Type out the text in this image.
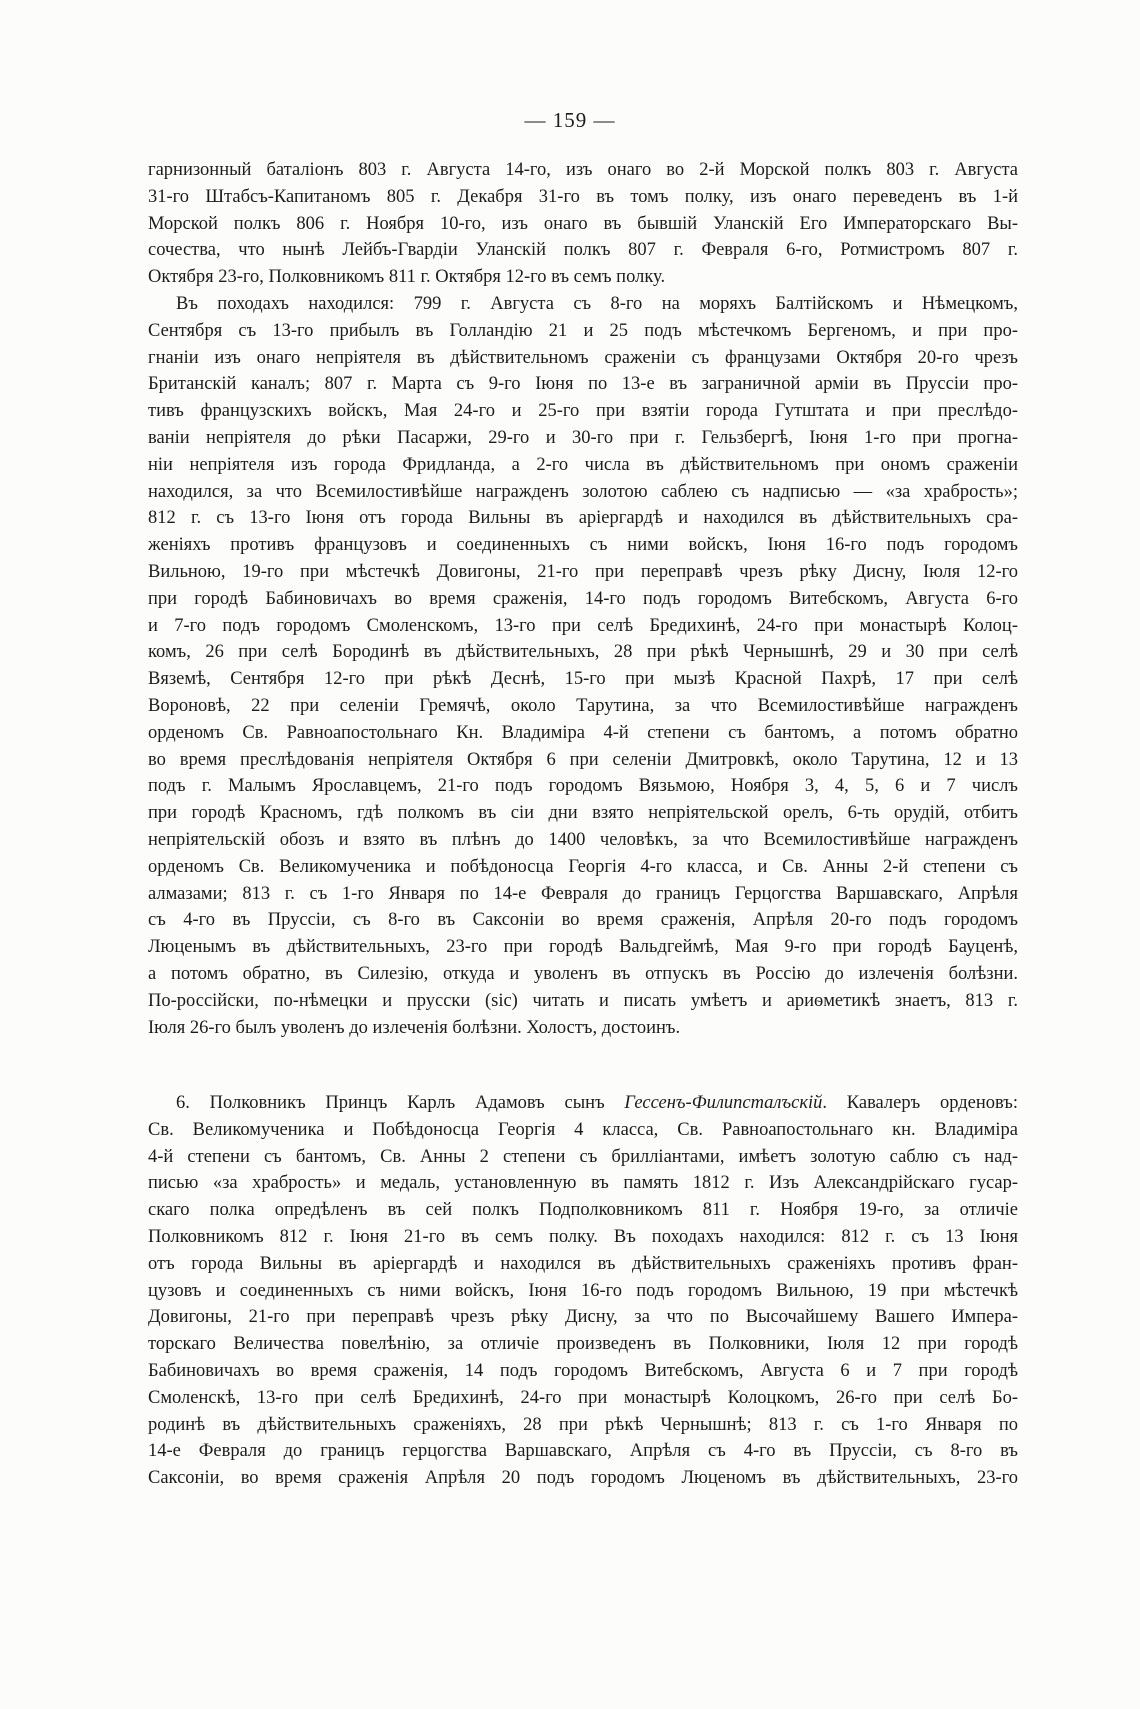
— 159 —
гарнизонный баталіонъ 803 г. Августа 14-го, изъ онаго во 2-й Морской полкъ 803 г. Августа
31-го Штабсъ-Капитаномъ 805 г. Декабря 31-го въ томъ полку, изъ онаго переведенъ въ 1-й
Морской полкъ 806 г. Ноября 10-го, изъ онаго въ бывшій Уланскій Его Императорскаго Вы-
сочества, что нынѣ Лейбъ-Гвардіи Уланскій полкъ 807 г. Февраля 6-го, Ротмистромъ 807 г.
Октября 23-го, Полковникомъ 811 г. Октября 12-го въ семъ полку.
Въ походахъ находился: 799 г. Августа съ 8-го на моряхъ Балтійскомъ и Нѣмецкомъ,
Сентября съ 13-го прибылъ въ Голландію 21 и 25 подъ мѣстечкомъ Бергеномъ, и при про-
гнаніи изъ онаго непріятеля въ дѣйствительномъ сраженіи съ французами Октября 20-го чрезъ
Британскій каналъ; 807 г. Марта съ 9-го Іюня по 13-е въ заграничной арміи въ Пруссіи про-
тивъ французскихъ войскъ, Мая 24-го и 25-го при взятіи города Гутштата и при преслѣдо-
ваніи непріятеля до рѣки Пасаржи, 29-го и 30-го при г. Гельзбергѣ, Іюня 1-го при прогна-
ніи непріятеля изъ города Фридланда, а 2-го числа въ дѣйствительномъ при ономъ сраженіи
находился, за что Всемилостивѣйше награжденъ золотою саблею съ надписью — «за храбрость»;
812 г. съ 13-го Іюня отъ города Вильны въ аріергардѣ и находился въ дѣйствительныхъ сра-
женіяхъ противъ французовъ и соединенныхъ съ ними войскъ, Іюня 16-го подъ городомъ
Вильною, 19-го при мѣстечкѣ Довигоны, 21-го при переправѣ чрезъ рѣку Дисну, Іюля 12-го
при городѣ Бабиновичахъ во время сраженія, 14-го подъ городомъ Витебскомъ, Августа 6-го
и 7-го подъ городомъ Смоленскомъ, 13-го при селѣ Бредихинѣ, 24-го при монастырѣ Колоц-
комъ, 26 при селѣ Бородинѣ въ дѣйствительныхъ, 28 при рѣкѣ Чернышнѣ, 29 и 30 при селѣ
Вяземѣ, Сентября 12-го при рѣкѣ Деснѣ, 15-го при мызѣ Красной Пахрѣ, 17 при селѣ
Вороновѣ, 22 при селеніи Гремячѣ, около Тарутина, за что Всемилостивѣйше награжденъ
орденомъ Св. Равноапостольнаго Кн. Владиміра 4-й степени съ бантомъ, а потомъ обратно
во время преслѣдованія непріятеля Октября 6 при селеніи Дмитровкѣ, около Тарутина, 12 и 13
подъ г. Малымъ Ярославцемъ, 21-го подъ городомъ Вязьмою, Ноября 3, 4, 5, 6 и 7 числъ
при городѣ Красномъ, гдѣ полкомъ въ сіи дни взято непріятельской орелъ, 6-ть орудій, отбитъ
непріятельскій обозъ и взято въ плѣнъ до 1400 человѣкъ, за что Всемилостивѣйше награжденъ
орденомъ Св. Великомученика и побѣдоносца Георгія 4-го класса, и Св. Анны 2-й степени съ
алмазами; 813 г. съ 1-го Января по 14-е Февраля до границъ Герцогства Варшавскаго, Апрѣля
съ 4-го въ Пруссіи, съ 8-го въ Саксоніи во время сраженія, Апрѣля 20-го подъ городомъ
Люценымъ въ дѣйствительныхъ, 23-го при городѣ Вальдгеймѣ, Мая 9-го при городѣ Бауценѣ,
а потомъ обратно, въ Силезію, откуда и уволенъ въ отпускъ въ Россію до излеченія болѣзни.
По-россійски, по-нѣмецки и прусски (sic) читать и писать умѣетъ и ариѳметикѣ знаетъ, 813 г.
Іюля 26-го былъ уволенъ до излеченія болѣзни. Холостъ, достоинъ.
6. Полковникъ Принцъ Карлъ Адамовъ сынъ Гессенъ-Филипсталъскій. Кавалеръ орденовъ:
Св. Великомученика и Побѣдоносца Георгія 4 класса, Св. Равноапостольнаго кн. Владиміра
4-й степени съ бантомъ, Св. Анны 2 степени съ бриллiантами, имѣетъ золотую саблю съ над-
писью «за храбрость» и медаль, установленную въ память 1812 г. Изъ Александрійскаго гусар-
скаго полка опредѣленъ въ сей полкъ Подполковникомъ 811 г. Ноября 19-го, за отличіе
Полковникомъ 812 г. Іюня 21-го въ семъ полку. Въ походахъ находился: 812 г. съ 13 Іюня
отъ города Вильны въ аріергардѣ и находился въ дѣйствительныхъ сраженіяхъ противъ фран-
цузовъ и соединенныхъ съ ними войскъ, Іюня 16-го подъ городомъ Вильною, 19 при мѣстечкѣ
Довигоны, 21-го при переправѣ чрезъ рѣку Дисну, за что по Высочайшему Вашего Импера-
торскаго Величества повелѣнію, за отличіе произведенъ въ Полковники, Іюля 12 при городѣ
Бабиновичахъ во время сраженія, 14 подъ городомъ Витебскомъ, Августа 6 и 7 при городѣ
Смоленскѣ, 13-го при селѣ Бредихинѣ, 24-го при монастырѣ Колоцкомъ, 26-го при селѣ Бо-
родинѣ въ дѣйствительныхъ сраженіяхъ, 28 при рѣкѣ Чернышнѣ; 813 г. съ 1-го Января по
14-е Февраля до границъ герцогства Варшавскаго, Апрѣля съ 4-го въ Пруссіи, съ 8-го въ
Саксоніи, во время сраженія Апрѣля 20 подъ городомъ Люценомъ въ дѣйствительныхъ, 23-го
